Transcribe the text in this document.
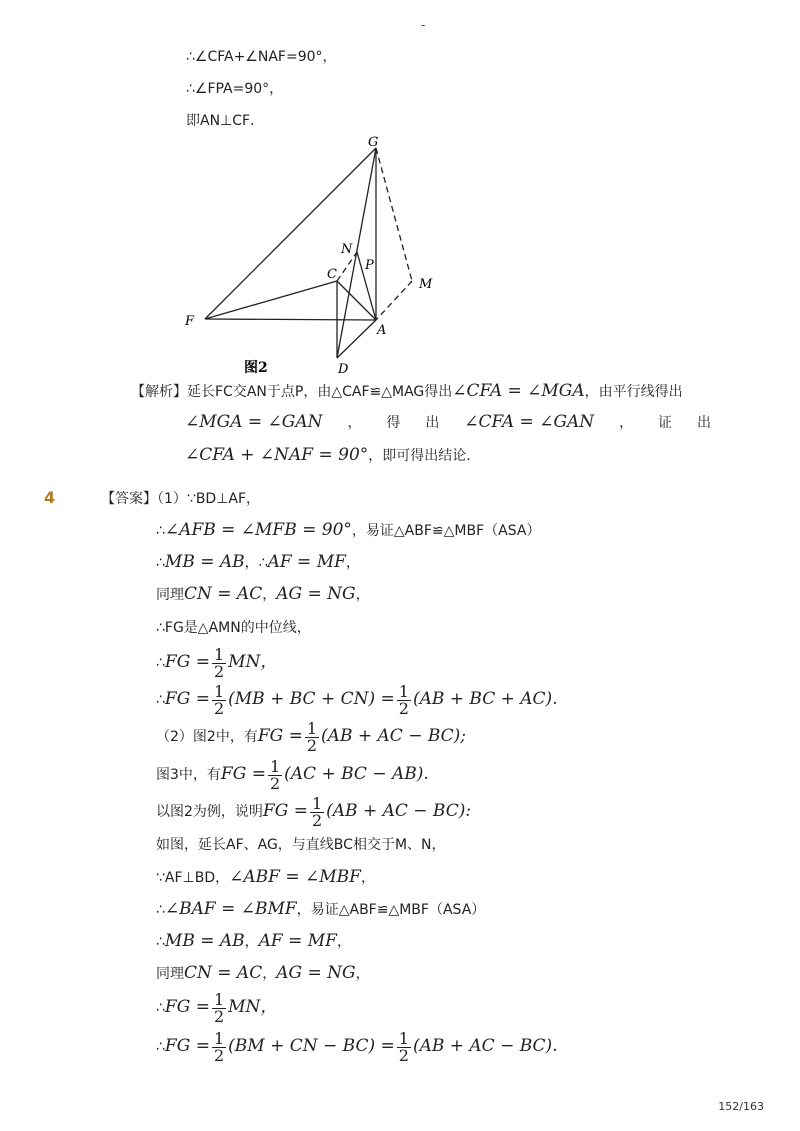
-
∴∠CFA+∠NAF=90°，
∴∠FPA=90°，
即AN⊥CF．
G
N
P
C
M
F
A
D
图2
【解析】延长FC交AN于点P，由△CAF≌△MAG得出∠CFA = ∠MGA，由平行线得出
∠MGA = ∠GAN ， 得 出 ∠CFA = ∠GAN ， 证 出
∠CFA + ∠NAF = 90°，即可得出结论．
4	【答案】（1）∵BD⊥AF，
∴∠AFB = ∠MFB = 90°，易证△ABF≌△MBF（ASA）
∴MB = AB，∴AF = MF，
同理CN = AC，AG = NG，
∴FG是△AMN的中位线，
∴FG = $\frac{1}{2}$ MN，
∴FG = $\frac{1}{2} (MB$ + BC + $CN) = \frac{1}{2} (AB$ + BC + AC).
（2）图2中，有FG = $\frac{1}{2} (AB$ + AC − BC);
图3中，有FG = $\frac{1}{2} (AC$ + BC − AB).
以图2为例，说明FG = $\frac{1}{2} (AB$ + AC − BC):
如图，延长AF、AG，与直线BC相交于M、N，
∵AF⊥BD，∠ABF = ∠MBF，
∴∠BAF = ∠BMF，易证△ABF≌△MBF（ASA）
∴MB = AB，AF = MF，
同理CN = AC，AG = NG，
∴FG = $\frac{1}{2}$ MN，
∴FG = $\frac{1}{2} (BM$ + CN − $BC) = \frac{1}{2} (AB$ + AC − BC).
152/163
